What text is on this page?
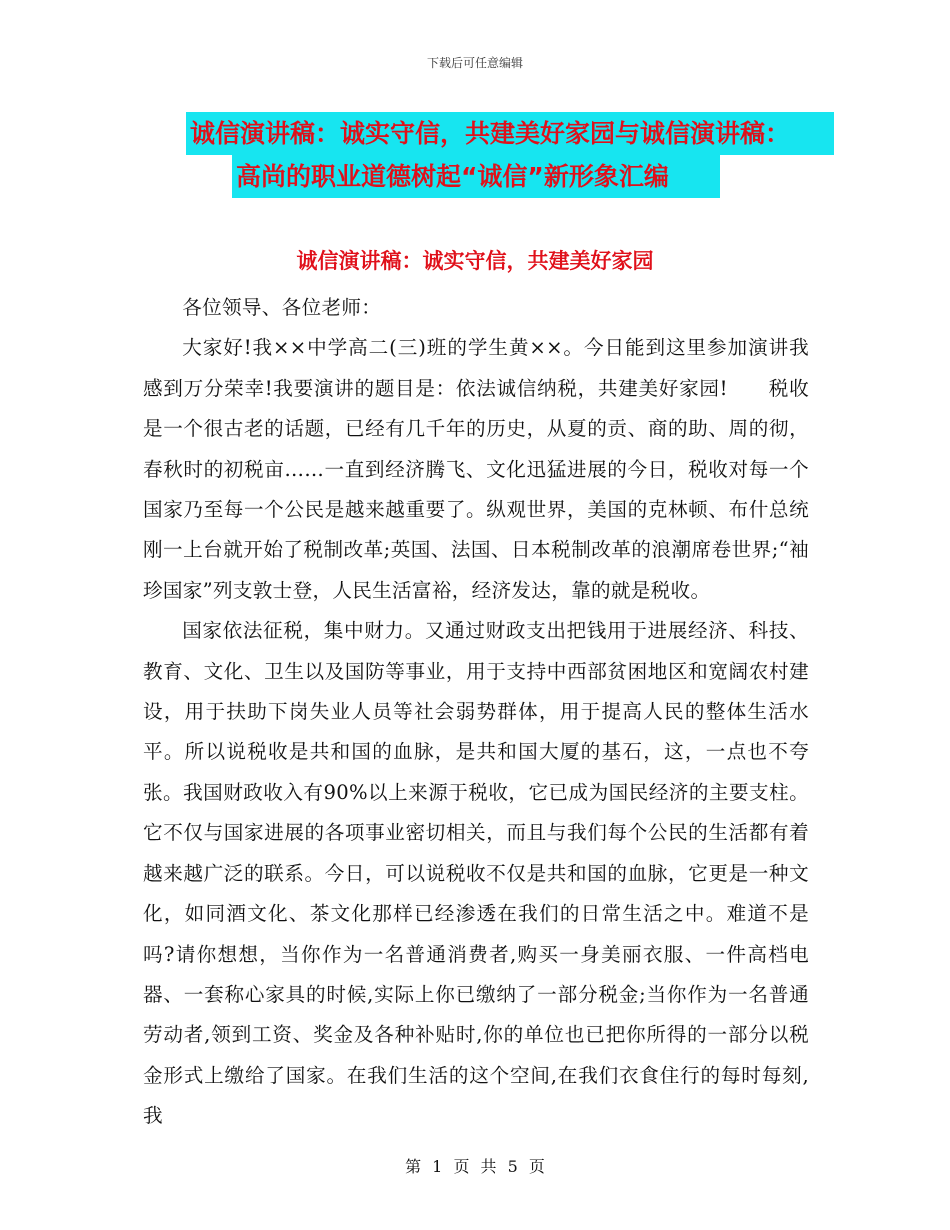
下载后可任意编辑
诚信演讲稿：诚实守信，共建美好家园与诚信演讲稿：
高尚的职业道德树起“诚信”新形象汇编
诚信演讲稿：诚实守信，共建美好家园

各位领导、各位老师：

大家好!我××中学高二(三)班的学生黄××。今日能到这里参加演讲我感到万分荣幸!我要演讲的题目是：依法诚信纳税，共建美好家园!　　税收是一个很古老的话题，已经有几千年的历史，从夏的贡、商的助、周的彻，春秋时的初税亩……一直到经济腾飞、文化迅猛进展的今日，税收对每一个国家乃至每一个公民是越来越重要了。纵观世界，美国的克林顿、布什总统刚一上台就开始了税制改革;英国、法国、日本税制改革的浪潮席卷世界;“袖珍国家”列支敦士登，人民生活富裕，经济发达，靠的就是税收。

国家依法征税，集中财力。又通过财政支出把钱用于进展经济、科技、教育、文化、卫生以及国防等事业，用于支持中西部贫困地区和宽阔农村建设，用于扶助下岗失业人员等社会弱势群体，用于提高人民的整体生活水平。所以说税收是共和国的血脉，是共和国大厦的基石，这，一点也不夸张。我国财政收入有90%以上来源于税收，它已成为国民经济的主要支柱。它不仅与国家进展的各项事业密切相关，而且与我们每个公民的生活都有着越来越广泛的联系。今日，可以说税收不仅是共和国的血脉，它更是一种文化，如同酒文化、茶文化那样已经渗透在我们的日常生活之中。难道不是吗?请你想想，当你作为一名普通消费者,购买一身美丽衣服、一件高档电器、一套称心家具的时候,实际上你已缴纳了一部分税金;当你作为一名普通劳动者,领到工资、奖金及各种补贴时,你的单位也已把你所得的一部分以税金形式上缴给了国家。在我们生活的这个空间,在我们衣食住行的每时每刻,我

第 1 页 共 5 页
